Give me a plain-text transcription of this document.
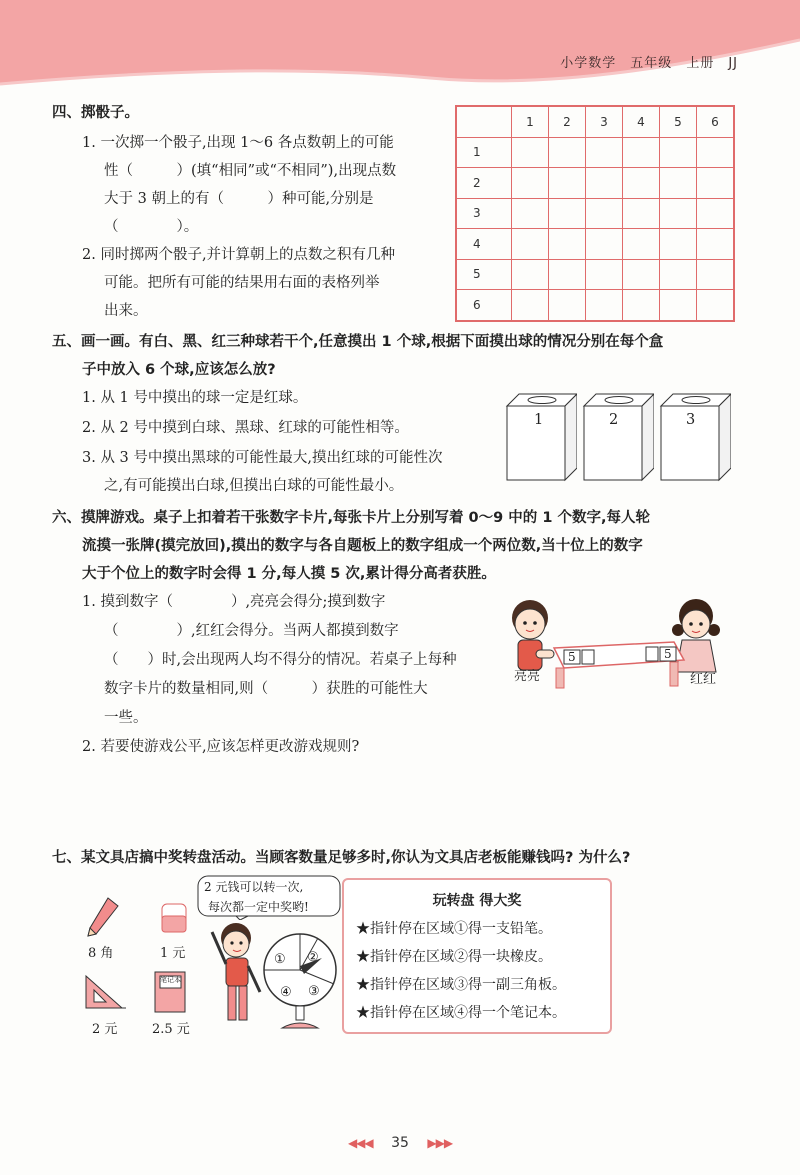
小学数学 五年级 上册 JJ
四、掷骰子。
1. 一次掷一个骰子,出现 1～6 各点数朝上的可能
性（　　　）(填“相同”或“不相同”),出现点数
大于 3 朝上的有（　　　）种可能,分别是
（　　　　）。
2. 同时掷两个骰子,并计算朝上的点数之积有几种
可能。把所有可能的结果用右面的表格列举
出来。
	1	2	3	4	5	6
1						
2						
3						
4						
5						
6						
五、画一画。有白、黑、红三种球若干个,任意摸出 1 个球,根据下面摸出球的情况分别在每个盒
子中放入 6 个球,应该怎么放?
1. 从 1 号中摸出的球一定是红球。
2. 从 2 号中摸到白球、黑球、红球的可能性相等。
3. 从 3 号中摸出黑球的可能性最大,摸出红球的可能性次
之,有可能摸出白球,但摸出白球的可能性最小。
1	2	3
六、摸牌游戏。桌子上扣着若干张数字卡片,每张卡片上分别写着 0～9 中的 1 个数字,每人轮
流摸一张牌(摸完放回),摸出的数字与各自题板上的数字组成一个两位数,当十位上的数字
大于个位上的数字时会得 1 分,每人摸 5 次,累计得分高者获胜。
1. 摸到数字（　　　　）,亮亮会得分;摸到数字
（　　　　）,红红会得分。当两人都摸到数字
（　　）时,会出现两人均不得分的情况。若桌子上每种
数字卡片的数量相同,则（　　　）获胜的可能性大
一些。
2. 若要使游戏公平,应该怎样更改游戏规则?
5	5
亮亮	红红
七、某文具店搞中奖转盘活动。当顾客数量足够多时,你认为文具店老板能赚钱吗? 为什么?
8 角	1 元
2 元
笔记本
2.5 元
2 元钱可以转一次,
每次都一定中奖哟!
① ②
③
④
玩转盘 得大奖
★指针停在区域①得一支铅笔。
★指针停在区域②得一块橡皮。
★指针停在区域③得一副三角板。
★指针停在区域④得一个笔记本。
◀◀◀ 35 ▶▶▶
